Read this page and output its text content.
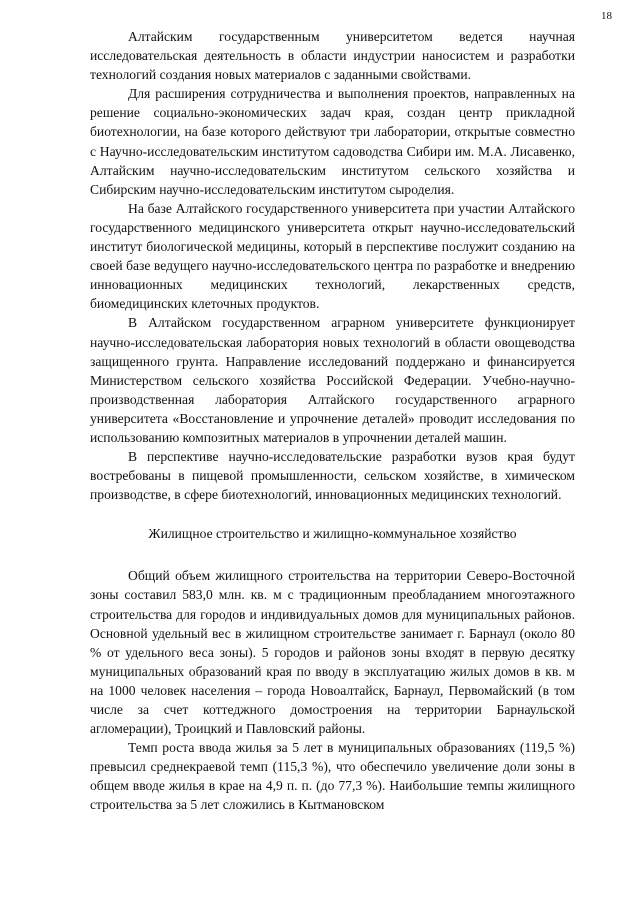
18

Алтайским государственным университетом ведется научная исследовательская деятельность в области индустрии наносистем и разработки технологий создания новых материалов с заданными свойствами.

Для расширения сотрудничества и выполнения проектов, направленных на решение социально-экономических задач края, создан центр прикладной биотехнологии, на базе которого действуют три лаборатории, открытые совместно с Научно-исследовательским институтом садоводства Сибири им. М.А. Лисавенко, Алтайским научно-исследовательским институтом сельского хозяйства и Сибирским научно-исследовательским институтом сыроделия.

На базе Алтайского государственного университета при участии Алтайского государственного медицинского университета открыт научно-исследовательский институт биологической медицины, который в перспективе послужит созданию на своей базе ведущего научно-исследовательского центра по разработке и внедрению инновационных медицинских технологий, лекарственных средств, биомедицинских клеточных продуктов.

В Алтайском государственном аграрном университете функционирует научно-исследовательская лаборатория новых технологий в области овощеводства защищенного грунта. Направление исследований поддержано и финансируется Министерством сельского хозяйства Российской Федерации. Учебно-научно-производственная лаборатория Алтайского государственного аграрного университета «Восстановление и упрочнение деталей» проводит исследования по использованию композитных материалов в упрочнении деталей машин.

В перспективе научно-исследовательские разработки вузов края будут востребованы в пищевой промышленности, сельском хозяйстве, в химическом производстве, в сфере биотехнологий, инновационных медицинских технологий.

Жилищное строительство и жилищно-коммунальное хозяйство

Общий объем жилищного строительства на территории Северо-Восточной зоны составил 583,0 млн. кв. м с традиционным преобладанием многоэтажного строительства для городов и индивидуальных домов для муниципальных районов. Основной удельный вес в жилищном строительстве занимает г. Барнаул (около 80 % от удельного веса зоны). 5 городов и районов зоны входят в первую десятку муниципальных образований края по вводу в эксплуатацию жилых домов в кв. м на 1000 человек населения – города Новоалтайск, Барнаул, Первомайский (в том числе за счет коттеджного домостроения на территории Барнаульской агломерации), Троицкий и Павловский районы.

Темп роста ввода жилья за 5 лет в муниципальных образованиях (119,5 %) превысил среднекраевой темп (115,3 %), что обеспечило увеличение доли зоны в общем вводе жилья в крае на 4,9 п. п. (до 77,3 %). Наибольшие темпы жилищного строительства за 5 лет сложились в Кытмановском
